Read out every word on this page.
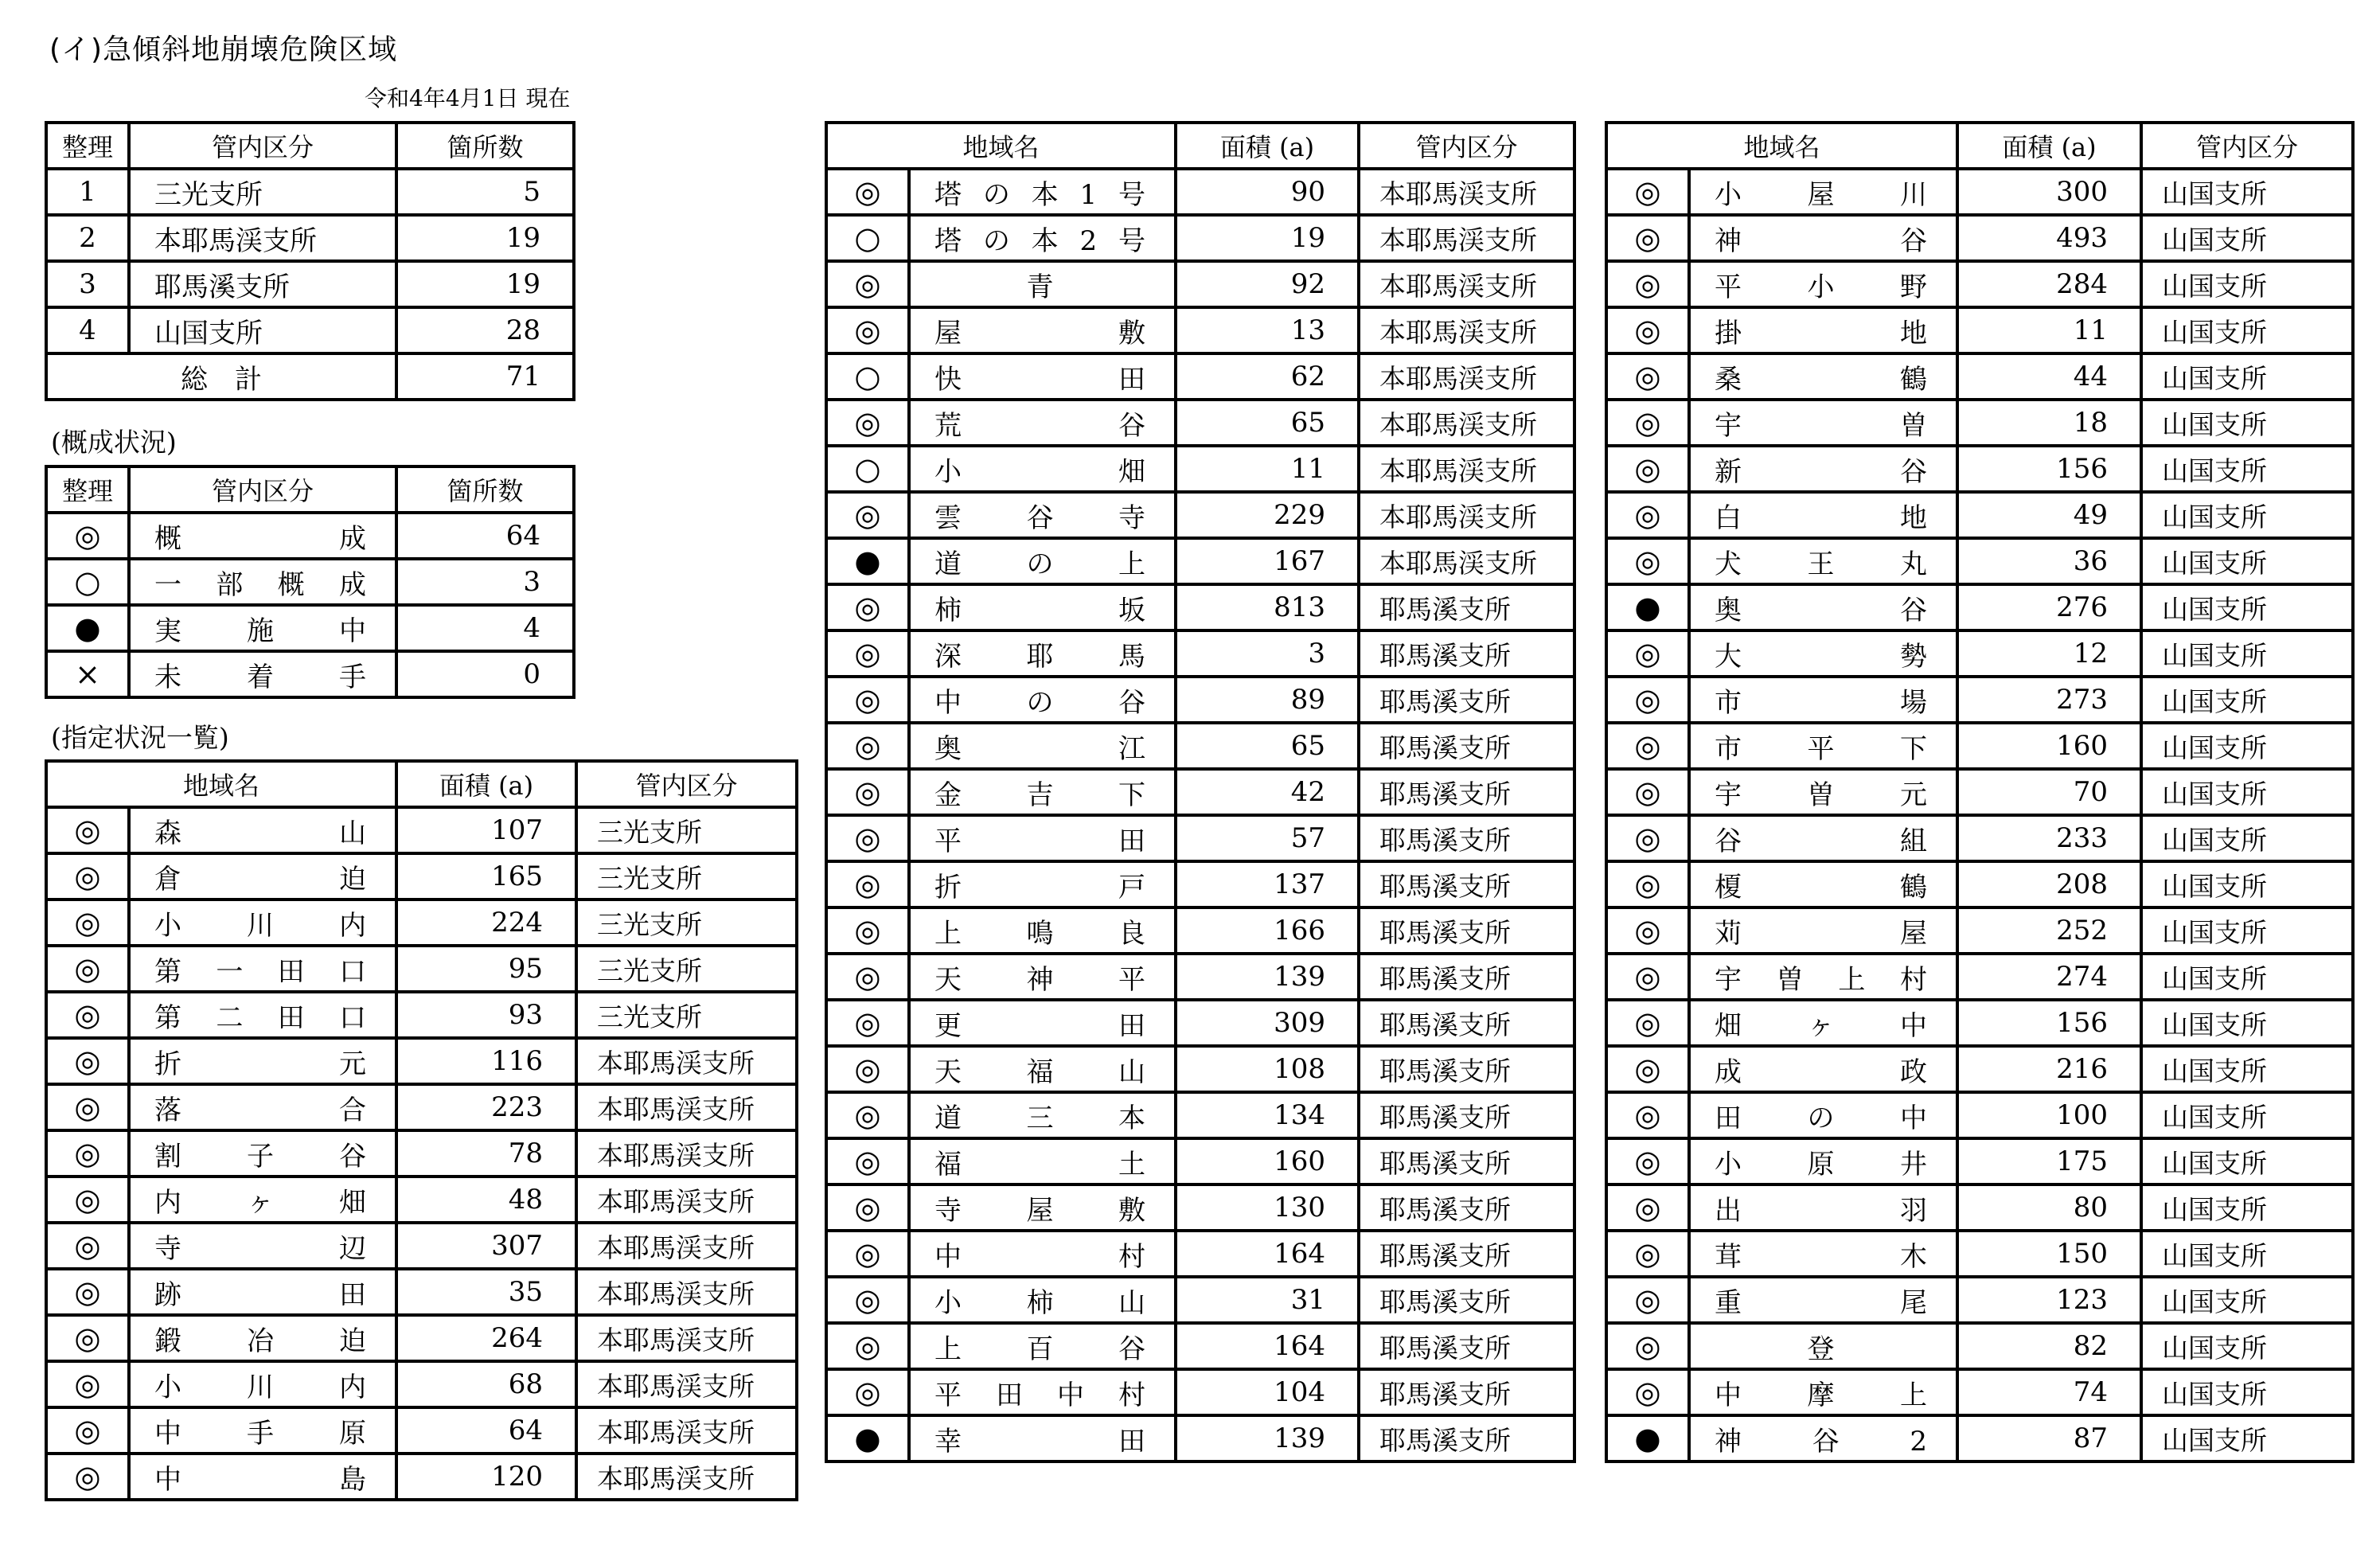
(イ)急傾斜地崩壊危険区域
令和4年4月1日 現在
整理	管内区分	箇所数
1	三光支所	5
2	本耶馬渓支所	19
3	耶馬溪支所	19
4	山国支所	28
総　計		71
(概成状況)
整理	管内区分	箇所数
◎	概成	64
○	一部概成	3
●	実施中	4
×	未着手	0
(指定状況一覧)
地域名		面積 (a)	管内区分
◎	森山	107	三光支所
◎	倉迫	165	三光支所
◎	小川内	224	三光支所
◎	第一田口	95	三光支所
◎	第二田口	93	三光支所
◎	折元	116	本耶馬渓支所
◎	落合	223	本耶馬渓支所
◎	割子谷	78	本耶馬渓支所
◎	内ヶ畑	48	本耶馬渓支所
◎	寺辺	307	本耶馬渓支所
◎	跡田	35	本耶馬渓支所
◎	鍛冶迫	264	本耶馬渓支所
◎	小川内	68	本耶馬渓支所
◎	中手原	64	本耶馬渓支所
◎	中島	120	本耶馬渓支所
地域名		面積 (a)	管内区分
◎	塔の本1号	90	本耶馬渓支所
○	塔の本2号	19	本耶馬渓支所
◎	青	92	本耶馬渓支所
◎	屋敷	13	本耶馬渓支所
○	快田	62	本耶馬渓支所
◎	荒谷	65	本耶馬渓支所
○	小畑	11	本耶馬渓支所
◎	雲谷寺	229	本耶馬渓支所
●	道の上	167	本耶馬渓支所
◎	柿坂	813	耶馬溪支所
◎	深耶馬	3	耶馬溪支所
◎	中の谷	89	耶馬溪支所
◎	奥江	65	耶馬溪支所
◎	金吉下	42	耶馬溪支所
◎	平田	57	耶馬溪支所
◎	折戸	137	耶馬溪支所
◎	上鳴良	166	耶馬溪支所
◎	天神平	139	耶馬溪支所
◎	更田	309	耶馬溪支所
◎	天福山	108	耶馬溪支所
◎	道三本	134	耶馬溪支所
◎	福土	160	耶馬溪支所
◎	寺屋敷	130	耶馬溪支所
◎	中村	164	耶馬溪支所
◎	小柿山	31	耶馬溪支所
◎	上百谷	164	耶馬溪支所
◎	平田中村	104	耶馬溪支所
●	幸田	139	耶馬溪支所
地域名		面積 (a)	管内区分
◎	小屋川	300	山国支所
◎	神谷	493	山国支所
◎	平小野	284	山国支所
◎	掛地	11	山国支所
◎	桑鶴	44	山国支所
◎	宇曽	18	山国支所
◎	新谷	156	山国支所
◎	白地	49	山国支所
◎	犬王丸	36	山国支所
●	奥谷	276	山国支所
◎	大勢	12	山国支所
◎	市場	273	山国支所
◎	市平下	160	山国支所
◎	宇曽元	70	山国支所
◎	谷組	233	山国支所
◎	榎鶴	208	山国支所
◎	苅屋	252	山国支所
◎	宇曽上村	274	山国支所
◎	畑ヶ中	156	山国支所
◎	成政	216	山国支所
◎	田の中	100	山国支所
◎	小原井	175	山国支所
◎	出羽	80	山国支所
◎	茸木	150	山国支所
◎	重尾	123	山国支所
◎	登	82	山国支所
◎	中摩上	74	山国支所
●	神谷2	87	山国支所
